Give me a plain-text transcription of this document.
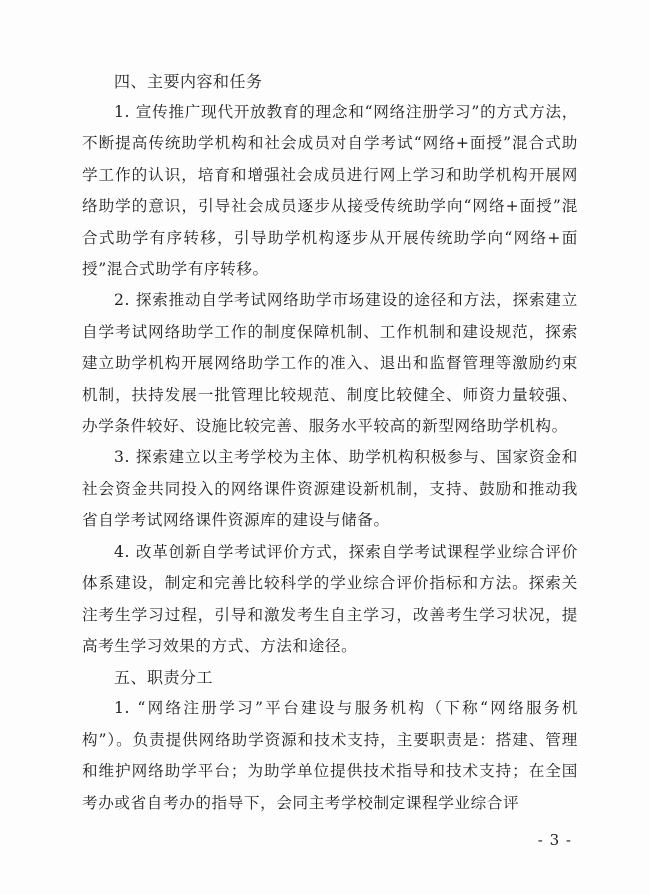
四、主要内容和任务

1. 宣传推广现代开放教育的理念和“网络注册学习”的方式方法，不断提高传统助学机构和社会成员对自学考试“网络+面授”混合式助学工作的认识，培育和增强社会成员进行网上学习和助学机构开展网络助学的意识，引导社会成员逐步从接受传统助学向“网络+面授”混合式助学有序转移，引导助学机构逐步从开展传统助学向“网络+面授”混合式助学有序转移。

2. 探索推动自学考试网络助学市场建设的途径和方法，探索建立自学考试网络助学工作的制度保障机制、工作机制和建设规范，探索建立助学机构开展网络助学工作的准入、退出和监督管理等激励约束机制，扶持发展一批管理比较规范、制度比较健全、师资力量较强、办学条件较好、设施比较完善、服务水平较高的新型网络助学机构。

3. 探索建立以主考学校为主体、助学机构积极参与、国家资金和社会资金共同投入的网络课件资源建设新机制，支持、鼓励和推动我省自学考试网络课件资源库的建设与储备。

4. 改革创新自学考试评价方式，探索自学考试课程学业综合评价体系建设，制定和完善比较科学的学业综合评价指标和方法。探索关注考生学习过程，引导和激发考生自主学习，改善考生学习状况，提高考生学习效果的方式、方法和途径。

五、职责分工

1. “网络注册学习”平台建设与服务机构（下称“网络服务机构”）。负责提供网络助学资源和技术支持，主要职责是：搭建、管理和维护网络助学平台；为助学单位提供技术指导和技术支持；在全国考办或省自考办的指导下，会同主考学校制定课程学业综合评

- 3 -
